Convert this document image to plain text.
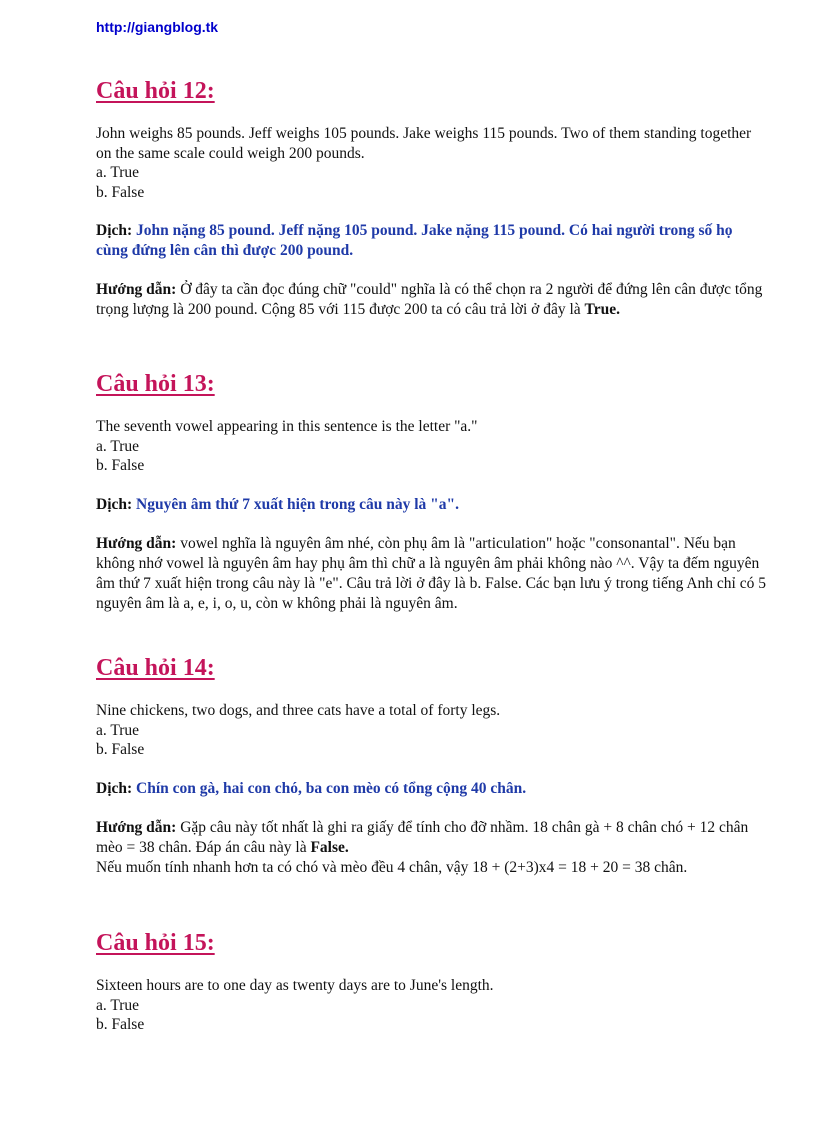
http://giangblog.tk
Câu hỏi 12:
John weighs 85 pounds. Jeff weighs 105 pounds. Jake weighs 115 pounds. Two of them standing together on the same scale could weigh 200 pounds.
a. True
b. False
Dịch: John nặng 85 pound. Jeff nặng 105 pound. Jake nặng 115 pound. Có hai người trong số họ cùng đứng lên cân thì được 200 pound.
Hướng dẫn: Ở đây ta cần đọc đúng chữ "could" nghĩa là có thể chọn ra 2 người để đứng lên cân được tổng trọng lượng là 200 pound. Cộng 85 với 115 được 200 ta có câu trả lời ở đây là True.
Câu hỏi 13:
The seventh vowel appearing in this sentence is the letter "a."
a. True
b. False
Dịch: Nguyên âm thứ 7 xuất hiện trong câu này là "a".
Hướng dẫn: vowel nghĩa là nguyên âm nhé, còn phụ âm là "articulation" hoặc "consonantal". Nếu bạn không nhớ vowel là nguyên âm hay phụ âm thì chữ a là nguyên âm phải không nào ^^. Vậy ta đếm nguyên âm thứ 7 xuất hiện trong câu này là "e". Câu trả lời ở đây là b. False. Các bạn lưu ý trong tiếng Anh chỉ có 5 nguyên âm là a, e, i, o, u, còn w không phải là nguyên âm.
Câu hỏi 14:
Nine chickens, two dogs, and three cats have a total of forty legs.
a. True
b. False
Dịch: Chín con gà, hai con chó, ba con mèo có tổng cộng 40 chân.
Hướng dẫn: Gặp câu này tốt nhất là ghi ra giấy để tính cho đỡ nhầm. 18 chân gà + 8 chân chó + 12 chân mèo = 38 chân. Đáp án câu này là False.
Nếu muốn tính nhanh hơn ta có chó và mèo đều 4 chân, vậy 18 + (2+3)x4 = 18 + 20 = 38 chân.
Câu hỏi 15:
Sixteen hours are to one day as twenty days are to June's length.
a. True
b. False
